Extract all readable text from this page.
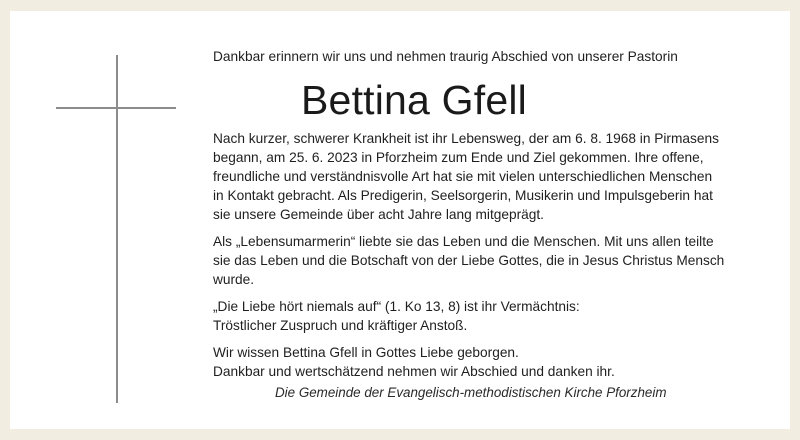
Dankbar erinnern wir uns und nehmen traurig Abschied von unserer Pastorin

Bettina Gfell

Nach kurzer, schwerer Krankheit ist ihr Lebensweg, der am 6. 8. 1968 in Pirmasens
begann, am 25. 6. 2023 in Pforzheim zum Ende und Ziel gekommen. Ihre offene,
freundliche und verständnisvolle Art hat sie mit vielen unterschiedlichen Menschen
in Kontakt gebracht. Als Predigerin, Seelsorgerin, Musikerin und Impulsgeberin hat
sie unsere Gemeinde über acht Jahre lang mitgeprägt.

Als „Lebensumarmerin“ liebte sie das Leben und die Menschen. Mit uns allen teilte
sie das Leben und die Botschaft von der Liebe Gottes, die in Jesus Christus Mensch
wurde.

„Die Liebe hört niemals auf“ (1. Ko 13, 8) ist ihr Vermächtnis:
Tröstlicher Zuspruch und kräftiger Anstoß.

Wir wissen Bettina Gfell in Gottes Liebe geborgen.
Dankbar und wertschätzend nehmen wir Abschied und danken ihr.

Die Gemeinde der Evangelisch-methodistischen Kirche Pforzheim
